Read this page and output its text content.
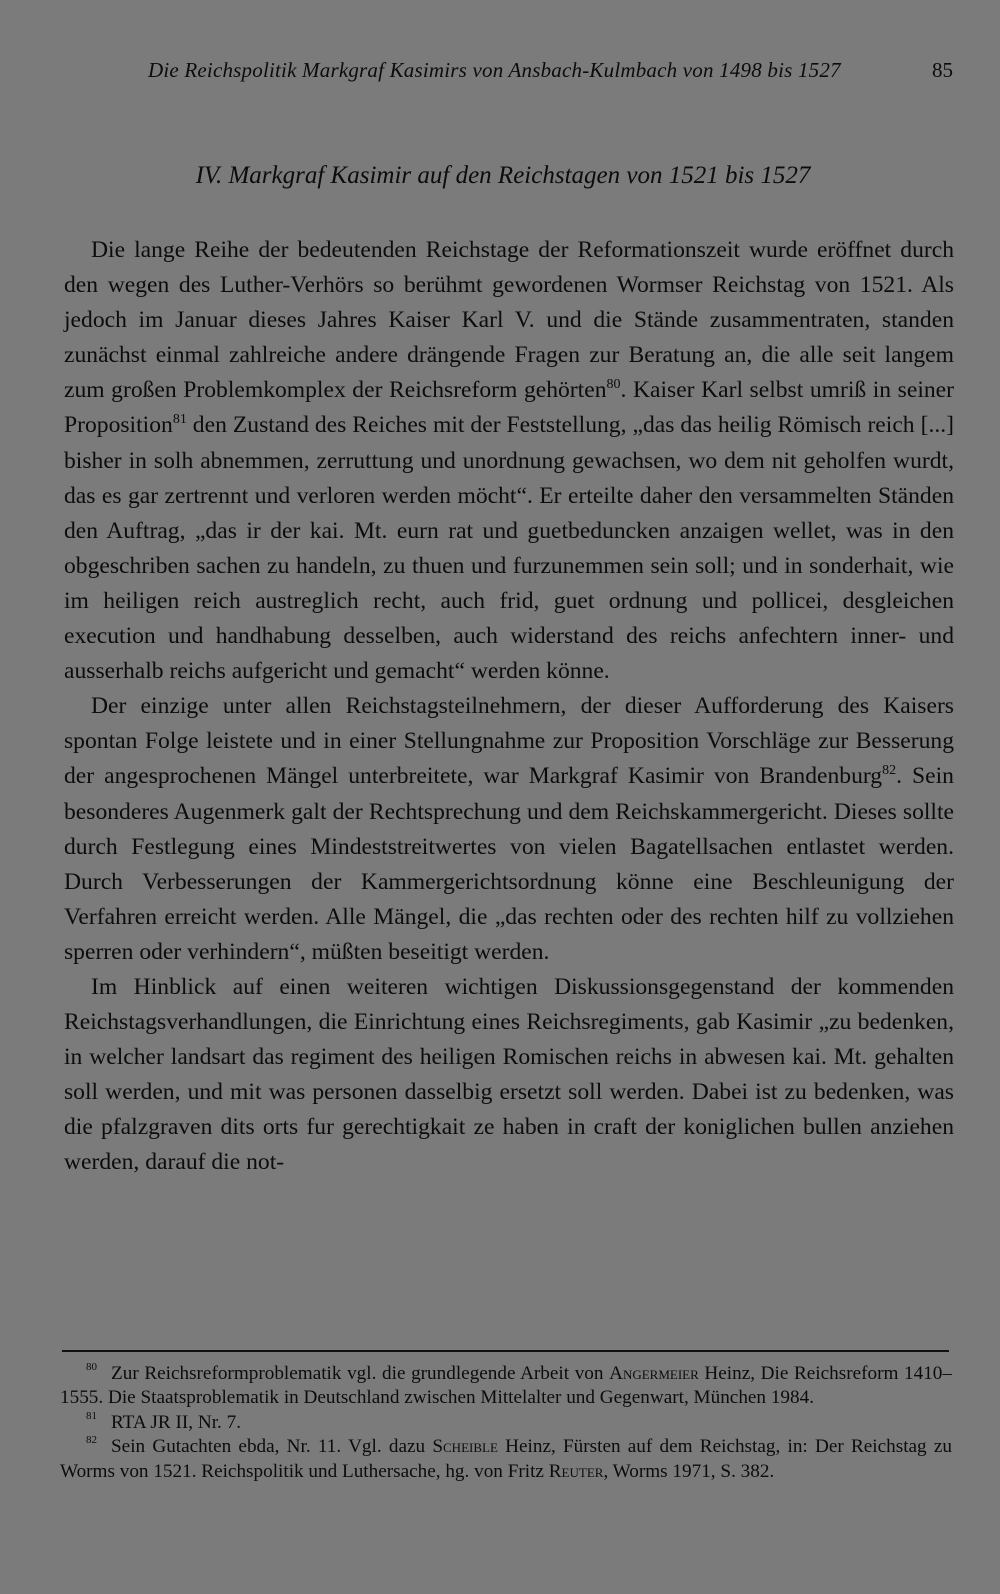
Die Reichspolitik Markgraf Kasimirs von Ansbach-Kulmbach von 1498 bis 1527	85
IV. Markgraf Kasimir auf den Reichstagen von 1521 bis 1527

Die lange Reihe der bedeutenden Reichstage der Reformationszeit wurde eröffnet durch den wegen des Luther-Verhörs so berühmt gewordenen Wormser Reichstag von 1521. Als jedoch im Januar dieses Jahres Kaiser Karl V. und die Stände zusammentraten, standen zunächst einmal zahlreiche andere drängende Fragen zur Beratung an, die alle seit langem zum großen Problemkomplex der Reichsreform gehörten$^{80}$. Kaiser Karl selbst umriß in seiner Proposition$^{81}$ den Zustand des Reiches mit der Feststellung, „das das heilig Römisch reich [...] bisher in solh abnemmen, zerruttung und unordnung gewachsen, wo dem nit geholfen wurdt, das es gar zertrennt und verloren werden möcht“. Er erteilte daher den versammelten Ständen den Auftrag, „das ir der kai. Mt. eurn rat und guetbeduncken anzaigen wellet, was in den obgeschriben sachen zu handeln, zu thuen und furzunemmen sein soll; und in sonderhait, wie im heiligen reich austreglich recht, auch frid, guet ordnung und pollicei, desgleichen execution und handhabung desselben, auch widerstand des reichs anfechtern inner- und ausserhalb reichs aufgericht und gemacht“ werden könne.

Der einzige unter allen Reichstagsteilnehmern, der dieser Aufforderung des Kaisers spontan Folge leistete und in einer Stellungnahme zur Proposition Vorschläge zur Besserung der angesprochenen Mängel unterbreitete, war Markgraf Kasimir von Brandenburg$^{82}$. Sein besonderes Augenmerk galt der Rechtsprechung und dem Reichskammergericht. Dieses sollte durch Festlegung eines Mindeststreitwertes von vielen Bagatellsachen entlastet werden. Durch Verbesserungen der Kammergerichtsordnung könne eine Beschleunigung der Verfahren erreicht werden. Alle Mängel, die „das rechten oder des rechten hilf zu vollziehen sperren oder verhindern“, müßten beseitigt werden.

Im Hinblick auf einen weiteren wichtigen Diskussionsgegenstand der kommenden Reichstagsverhandlungen, die Einrichtung eines Reichsregiments, gab Kasimir „zu bedenken, in welcher landsart das regiment des heiligen Romischen reichs in abwesen kai. Mt. gehalten soll werden, und mit was personen dasselbig ersetzt soll werden. Dabei ist zu bedenken, was die pfalzgraven dits orts fur gerechtigkait ze haben in craft der koniglichen bullen anziehen werden, darauf die not-

$^{80}$ Zur Reichsreformproblematik vgl. die grundlegende Arbeit von Angermeier Heinz, Die Reichsreform 1410–1555. Die Staatsproblematik in Deutschland zwischen Mittelalter und Gegenwart, München 1984.

$^{81}$ RTA JR II, Nr. 7.

$^{82}$ Sein Gutachten ebda, Nr. 11. Vgl. dazu Scheible Heinz, Fürsten auf dem Reichstag, in: Der Reichstag zu Worms von 1521. Reichspolitik und Luthersache, hg. von Fritz Reuter, Worms 1971, S. 382.
